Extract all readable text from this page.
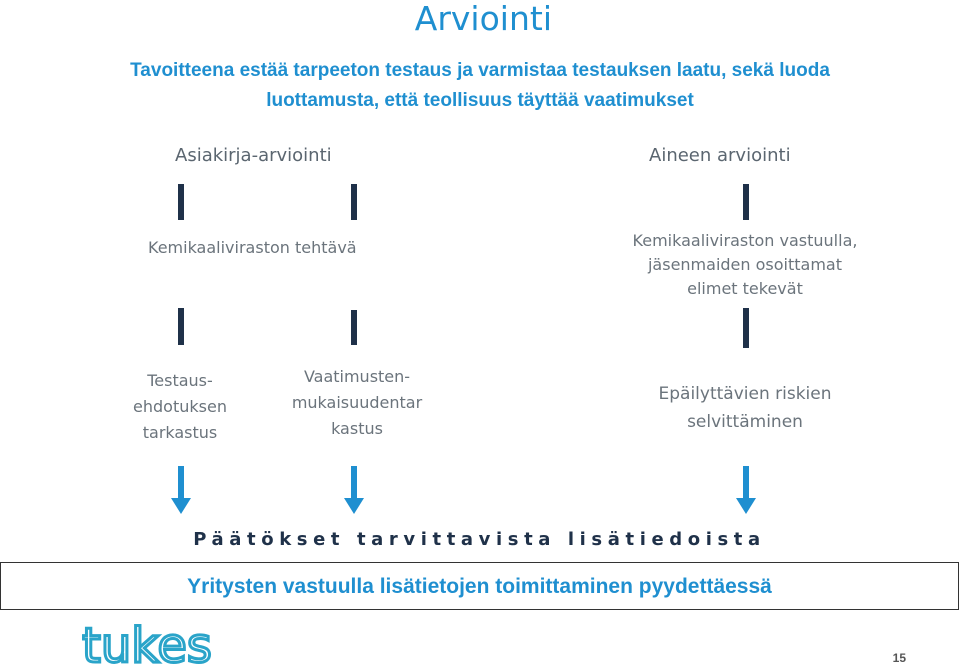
Arviointi
Tavoitteena estää tarpeeton testaus ja varmistaa testauksen laatu, sekä luoda
luottamusta, että teollisuus täyttää vaatimukset
Asiakirja-arviointi	Aineen arviointi
Kemikaaliviraston tehtävä	Kemikaaliviraston vastuulla,
jäsenmaiden osoittamat
elimet tekevät
Testaus-
ehdotuksen
tarkastus
Vaatimusten-
mukaisuudentar
kastus
Epäilyttävien riskien
selvittäminen
Päätökset tarvittavista lisätiedoista
Yritysten vastuulla lisätietojen toimittaminen pyydettäessä
tukes	15
